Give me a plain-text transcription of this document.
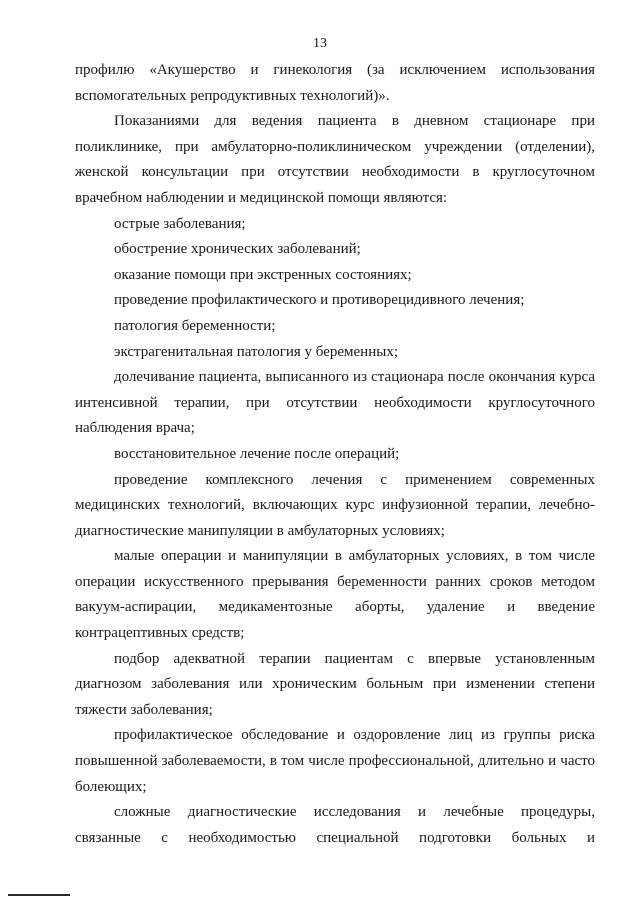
13

профилю «Акушерство и гинекология (за исключением использования вспомогательных репродуктивных технологий)».

Показаниями для ведения пациента в дневном стационаре при поликлинике, при амбулаторно-поликлиническом учреждении (отделении), женской консультации при отсутствии необходимости в круглосуточном врачебном наблюдении и медицинской помощи являются:

острые заболевания;

обострение хронических заболеваний;

оказание помощи при экстренных состояниях;

проведение профилактического и противорецидивного лечения;

патология беременности;

экстрагенитальная патология у беременных;

долечивание пациента, выписанного из стационара после окончания курса интенсивной терапии, при отсутствии необходимости круглосуточного наблюдения врача;

восстановительное лечение после операций;

проведение комплексного лечения с применением современных медицинских технологий, включающих курс инфузионной терапии, лечебно-диагностические манипуляции в амбулаторных условиях;

малые операции и манипуляции в амбулаторных условиях, в том числе операции искусственного прерывания беременности ранних сроков методом вакуум-аспирации, медикаментозные аборты, удаление и введение контрацептивных средств;

подбор адекватной терапии пациентам с впервые установленным диагнозом заболевания или хроническим больным при изменении степени тяжести заболевания;

профилактическое обследование и оздоровление лиц из группы риска повышенной заболеваемости, в том числе профессиональной, длительно и часто болеющих;

сложные диагностические исследования и лечебные процедуры, связанные с необходимостью специальной подготовки больных и
